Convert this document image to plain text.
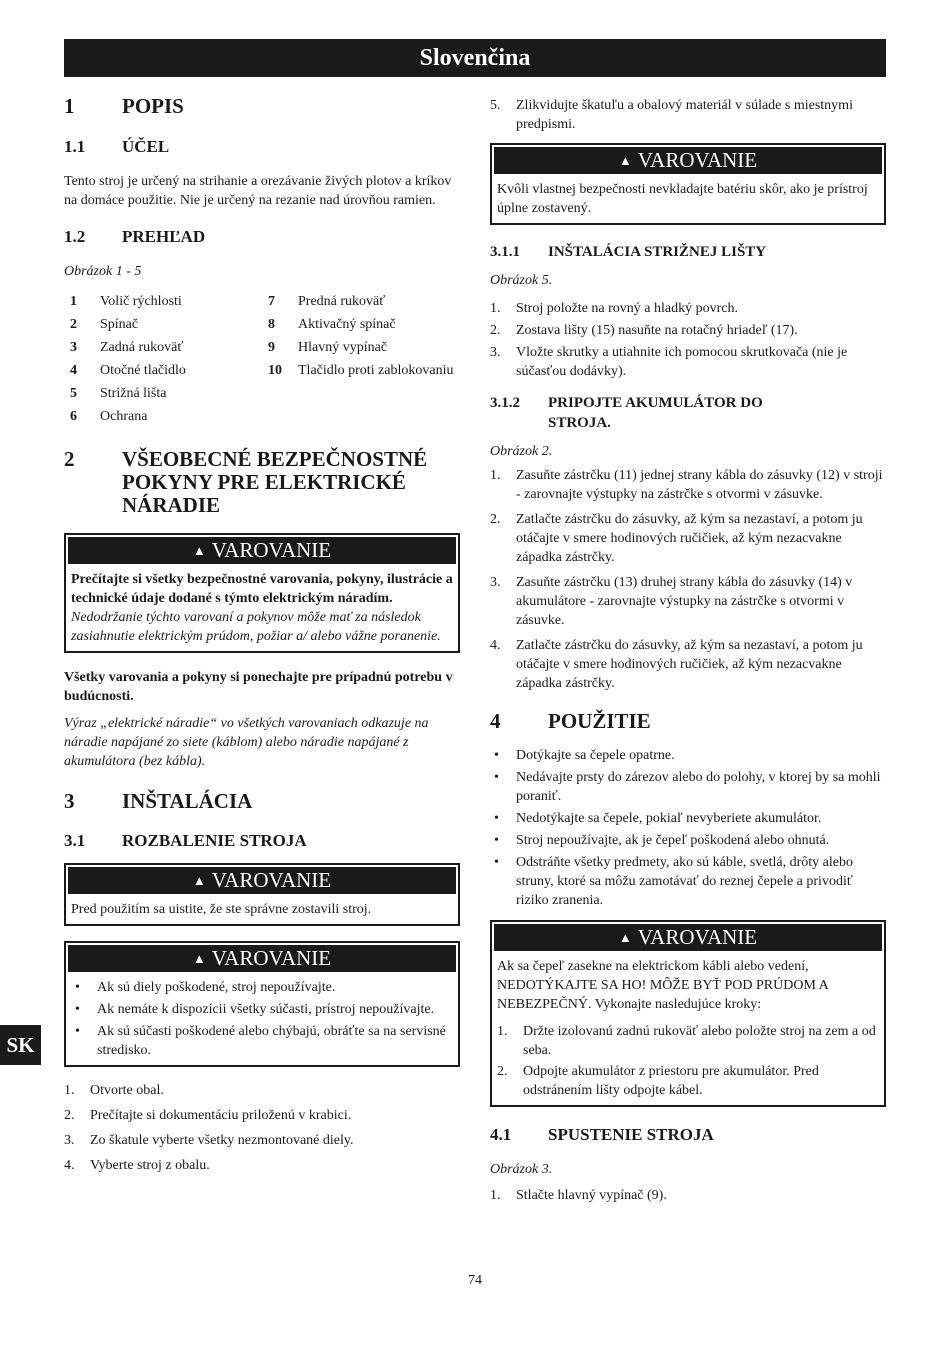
Slovenčina
1	POPIS
1.1	ÚČEL

Tento stroj je určený na strihanie a orezávanie živých plotov a kríkov na domáce použitie. Nie je určený na rezanie nad úrovňou ramien.

1.2	PREHĽAD

Obrázok 1 - 5

1	Volič rýchlosti
2	Spínač
3	Zadná rukoväť
4	Otočné tlačidlo
5	Strižná lišta
6	Ochrana
7	Predná rukoväť
8	Aktivačný spínač
9	Hlavný vypínač
10	Tlačidlo proti zablokovaniu
2	VŠEOBECNÉ BEZPEČNOSTNÉ POKYNY PRE ELEKTRICKÉ NÁRADIE
▲ VAROVANIE
Prečítajte si všetky bezpečnostné varovania, pokyny, ilustrácie a technické údaje dodané s týmto elektrickým náradím. Nedodržanie týchto varovaní a pokynov môže mať za následok zasiahnutie elektrickým prúdom, požiar a/ alebo vážne poranenie.

Všetky varovania a pokyny si ponechajte pre prípadnú potrebu v budúcnosti.

Výraz „elektrické náradie“ vo všetkých varovaniach odkazuje na náradie napájané zo siete (káblom) alebo náradie napájané z akumulátora (bez kábla).

3	INŠTALÁCIA
3.1	ROZBALENIE STROJA
▲ VAROVANIE
Pred použitím sa uistite, že ste správne zostavili stroj.
▲ VAROVANIE
•	Ak sú diely poškodené, stroj nepoužívajte.
•	Ak nemáte k dispozícii všetky súčasti, prístroj nepoužívajte.
•	Ak sú súčasti poškodené alebo chýbajú, obráťte sa na servisné stredisko.
1.	Otvorte obal.
2.	Prečítajte si dokumentáciu priloženú v krabici.
3.	Zo škatule vyberte všetky nezmontované diely.
4.	Vyberte stroj z obalu.
5.	Zlikvidujte škatuľu a obalový materiál v súlade s miestnymi predpismi.
▲ VAROVANIE
Kvôli vlastnej bezpečnosti nevkladajte batériu skôr, ako je prístroj úplne zostavený.
3.1.1	INŠTALÁCIA STRIŽNEJ LIŠTY

Obrázok 5.

1.	Stroj položte na rovný a hladký povrch.
2.	Zostava lišty (15) nasuňte na rotačný hriadeľ (17).
3.	Vložte skrutky a utiahnite ich pomocou skrutkovača (nie je súčasťou dodávky).
3.1.2	PRIPOJTE AKUMULÁTOR DO STROJA.

Obrázok 2.

1.	Zasuňte zástrčku (11) jednej strany kábla do zásuvky (12) v stroji - zarovnajte výstupky na zástrčke s otvormi v zásuvke.
2.	Zatlačte zástrčku do zásuvky, až kým sa nezastaví, a potom ju otáčajte v smere hodinových ručičiek, až kým nezacvakne západka zástrčky.
3.	Zasuňte zástrčku (13) druhej strany kábla do zásuvky (14) v akumulátore - zarovnajte výstupky na zástrčke s otvormi v zásuvke.
4.	Zatlačte zástrčku do zásuvky, až kým sa nezastaví, a potom ju otáčajte v smere hodinových ručičiek, až kým nezacvakne západka zástrčky.
4	POUŽITIE
•	Dotýkajte sa čepele opatrne.
•	Nedávajte prsty do zárezov alebo do polohy, v ktorej by sa mohli poraniť.
•	Nedotýkajte sa čepele, pokiaľ nevyberiete akumulátor.
•	Stroj nepoužívajte, ak je čepeľ poškodená alebo ohnutá.
•	Odstráňte všetky predmety, ako sú káble, svetlá, drôty alebo struny, ktoré sa môžu zamotávať do reznej čepele a privodiť riziko zranenia.
▲ VAROVANIE
Ak sa čepeľ zasekne na elektrickom kábli alebo vedení, NEDOTÝKAJTE SA HO! MÔŽE BYŤ POD PRÚDOM A NEBEZPEČNÝ. Vykonajte nasledujúce kroky:
1.	Držte izolovanú zadnú rukoväť alebo položte stroj na zem a od seba.
2.	Odpojte akumulátor z priestoru pre akumulátor. Pred odstránením lišty odpojte kábel.
4.1	SPUSTENIE STROJA

Obrázok 3.

1.	Stlačte hlavný vypínač (9).
SK
74
